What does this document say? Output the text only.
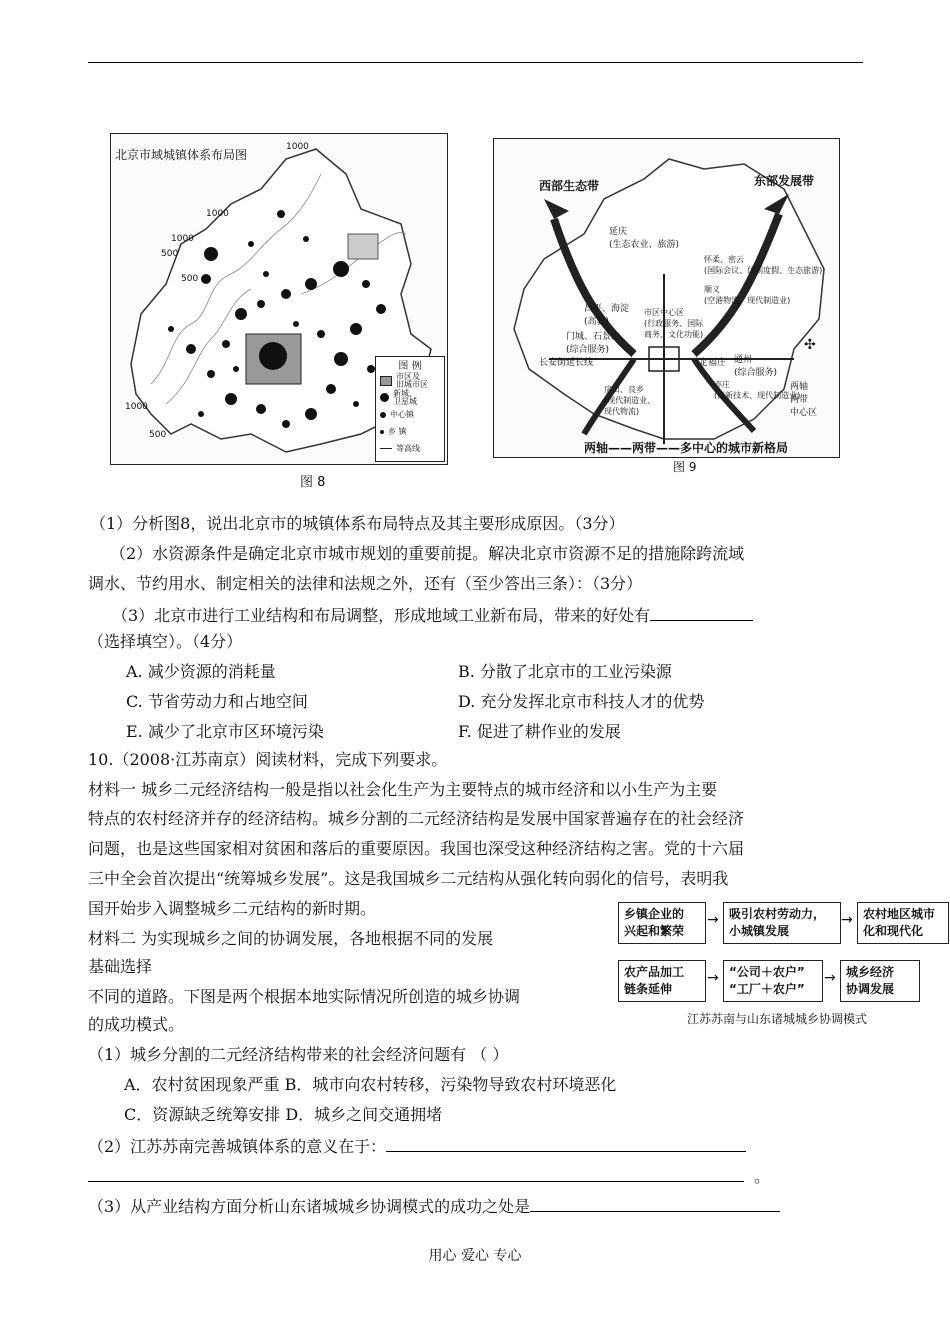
北京市域城镇体系布局图
1000
1000
1000
500
500
1000
500
图 例
市区及
旧城市区
新城、
卫星城
中心镇
乡 镇
等高线
图 8
西部生态带	东部发展带
延庆
(生态农业、旅游)
怀柔、密云
(国际会议、休闲度假、生态旅游)
顺义
(空港物流、现代制造业)
昌平、海淀
(高教)
市区中心区
(行政服务、国际
商务、文化功能)
门城、石景山
(综合服务)
通州
(综合服务)
长安街延长线	定福庄
亦庄
(高新技术、现代制造业)
房山、良乡
(现代制造业、
现代物流)
✣
两轴
两带
中心区
两轴——两带——多中心的城市新格局
图 9
（1）分析图8，说出北京市的城镇体系布局特点及其主要形成原因。（3分）
（2）水资源条件是确定北京市城市规划的重要前提。解决北京市资源不足的措施除跨流域
调水、节约用水、制定相关的法律和法规之外，还有（至少答出三条）：（3分）
（3）北京市进行工业结构和布局调整，形成地域工业新布局，带来的好处有
（选择填空）。（4分）
A. 减少资源的消耗量	B. 分散了北京市的工业污染源
C. 节省劳动力和占地空间	D. 充分发挥北京市科技人才的优势
E. 减少了北京市区环境污染	F. 促进了耕作业的发展
10.（2008·江苏南京）阅读材料，完成下列要求。
材料一 城乡二元经济结构一般是指以社会化生产为主要特点的城市经济和以小生产为主要
特点的农村经济并存的经济结构。城乡分割的二元经济结构是发展中国家普遍存在的社会经济
问题，也是这些国家相对贫困和落后的重要原因。我国也深受这种经济结构之害。党的十六届
三中全会首次提出“统筹城乡发展”。这是我国城乡二元结构从强化转向弱化的信号，表明我
国开始步入调整城乡二元结构的新时期。
材料二 为实现城乡之间的协调发展，各地根据不同的发展
基础选择
不同的道路。下图是两个根据本地实际情况所创造的城乡协调
的成功模式。
乡镇企业的
兴起和繁荣
→ 吸引农村劳动力，
小城镇发展
→ 农村地区城市
化和现代化
农产品加工
链条延伸
→ “公司＋农户”
“工厂＋农户”
→ 城乡经济
协调发展
江苏苏南与山东诸城城乡协调模式
（1）城乡分割的二元经济结构带来的社会经济问题有 （ ）
A．农村贫困现象严重 B．城市向农村转移，污染物导致农村环境恶化
C．资源缺乏统筹安排 D．城乡之间交通拥堵
（2）江苏苏南完善城镇体系的意义在于：
。
（3）从产业结构方面分析山东诸城城乡协调模式的成功之处是
用心 爱心 专心
